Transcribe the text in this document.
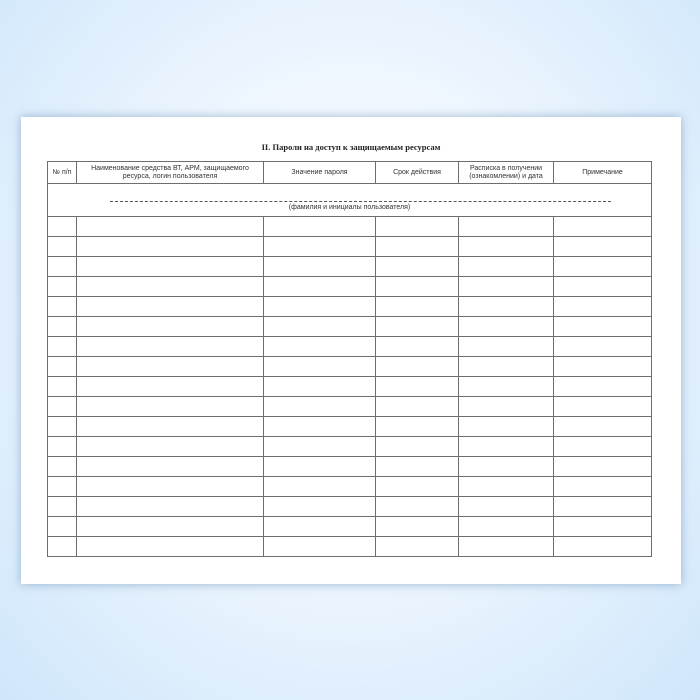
II. Пароли на доступ к защищаемым ресурсам
№ п/п	Наименование средства ВТ, АРМ, защищаемого ресурса, логин пользователя	Значение пароля	Срок действия	Расписка в получении (ознакомлении) и дата	Примечание

(фамилия и инициалы пользователя)					
